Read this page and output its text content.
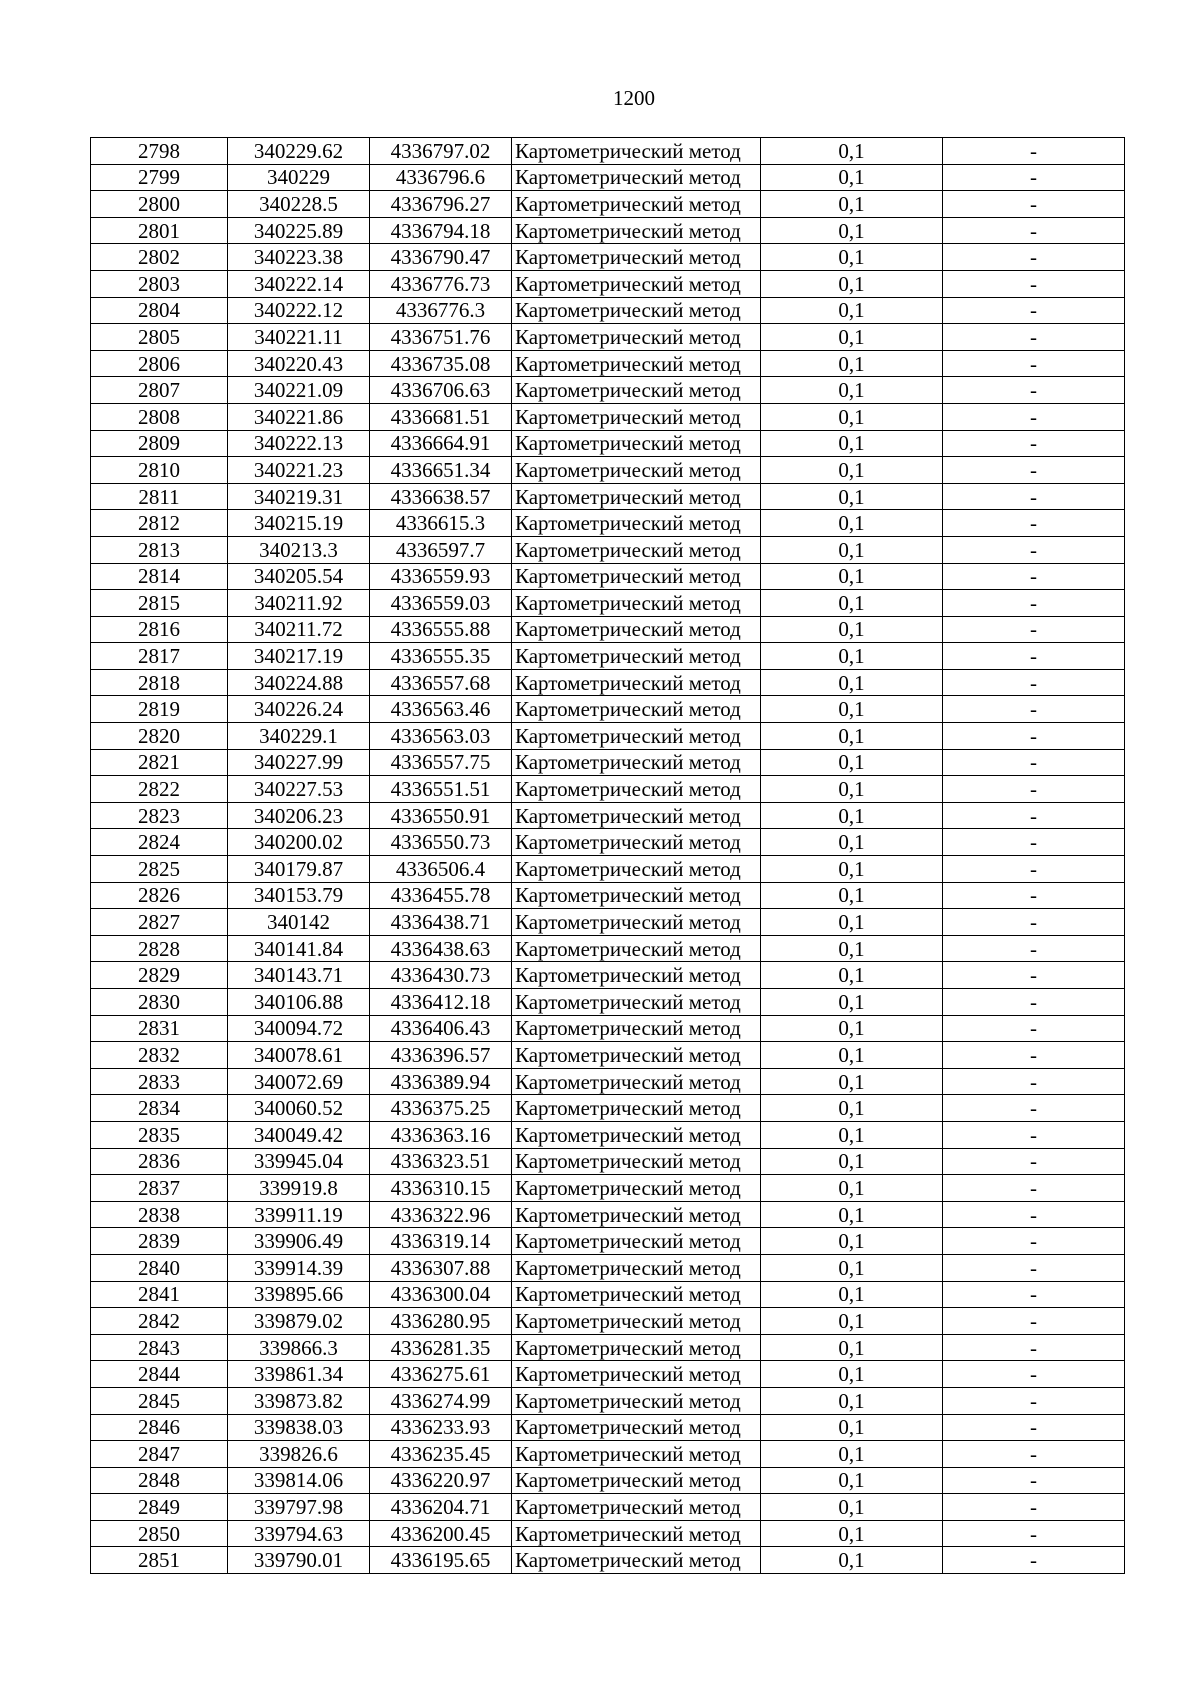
1200
2798	340229.62	4336797.02	Картометрический метод	0,1	-
2799	340229	4336796.6	Картометрический метод	0,1	-
2800	340228.5	4336796.27	Картометрический метод	0,1	-
2801	340225.89	4336794.18	Картометрический метод	0,1	-
2802	340223.38	4336790.47	Картометрический метод	0,1	-
2803	340222.14	4336776.73	Картометрический метод	0,1	-
2804	340222.12	4336776.3	Картометрический метод	0,1	-
2805	340221.11	4336751.76	Картометрический метод	0,1	-
2806	340220.43	4336735.08	Картометрический метод	0,1	-
2807	340221.09	4336706.63	Картометрический метод	0,1	-
2808	340221.86	4336681.51	Картометрический метод	0,1	-
2809	340222.13	4336664.91	Картометрический метод	0,1	-
2810	340221.23	4336651.34	Картометрический метод	0,1	-
2811	340219.31	4336638.57	Картометрический метод	0,1	-
2812	340215.19	4336615.3	Картометрический метод	0,1	-
2813	340213.3	4336597.7	Картометрический метод	0,1	-
2814	340205.54	4336559.93	Картометрический метод	0,1	-
2815	340211.92	4336559.03	Картометрический метод	0,1	-
2816	340211.72	4336555.88	Картометрический метод	0,1	-
2817	340217.19	4336555.35	Картометрический метод	0,1	-
2818	340224.88	4336557.68	Картометрический метод	0,1	-
2819	340226.24	4336563.46	Картометрический метод	0,1	-
2820	340229.1	4336563.03	Картометрический метод	0,1	-
2821	340227.99	4336557.75	Картометрический метод	0,1	-
2822	340227.53	4336551.51	Картометрический метод	0,1	-
2823	340206.23	4336550.91	Картометрический метод	0,1	-
2824	340200.02	4336550.73	Картометрический метод	0,1	-
2825	340179.87	4336506.4	Картометрический метод	0,1	-
2826	340153.79	4336455.78	Картометрический метод	0,1	-
2827	340142	4336438.71	Картометрический метод	0,1	-
2828	340141.84	4336438.63	Картометрический метод	0,1	-
2829	340143.71	4336430.73	Картометрический метод	0,1	-
2830	340106.88	4336412.18	Картометрический метод	0,1	-
2831	340094.72	4336406.43	Картометрический метод	0,1	-
2832	340078.61	4336396.57	Картометрический метод	0,1	-
2833	340072.69	4336389.94	Картометрический метод	0,1	-
2834	340060.52	4336375.25	Картометрический метод	0,1	-
2835	340049.42	4336363.16	Картометрический метод	0,1	-
2836	339945.04	4336323.51	Картометрический метод	0,1	-
2837	339919.8	4336310.15	Картометрический метод	0,1	-
2838	339911.19	4336322.96	Картометрический метод	0,1	-
2839	339906.49	4336319.14	Картометрический метод	0,1	-
2840	339914.39	4336307.88	Картометрический метод	0,1	-
2841	339895.66	4336300.04	Картометрический метод	0,1	-
2842	339879.02	4336280.95	Картометрический метод	0,1	-
2843	339866.3	4336281.35	Картометрический метод	0,1	-
2844	339861.34	4336275.61	Картометрический метод	0,1	-
2845	339873.82	4336274.99	Картометрический метод	0,1	-
2846	339838.03	4336233.93	Картометрический метод	0,1	-
2847	339826.6	4336235.45	Картометрический метод	0,1	-
2848	339814.06	4336220.97	Картометрический метод	0,1	-
2849	339797.98	4336204.71	Картометрический метод	0,1	-
2850	339794.63	4336200.45	Картометрический метод	0,1	-
2851	339790.01	4336195.65	Картометрический метод	0,1	-
